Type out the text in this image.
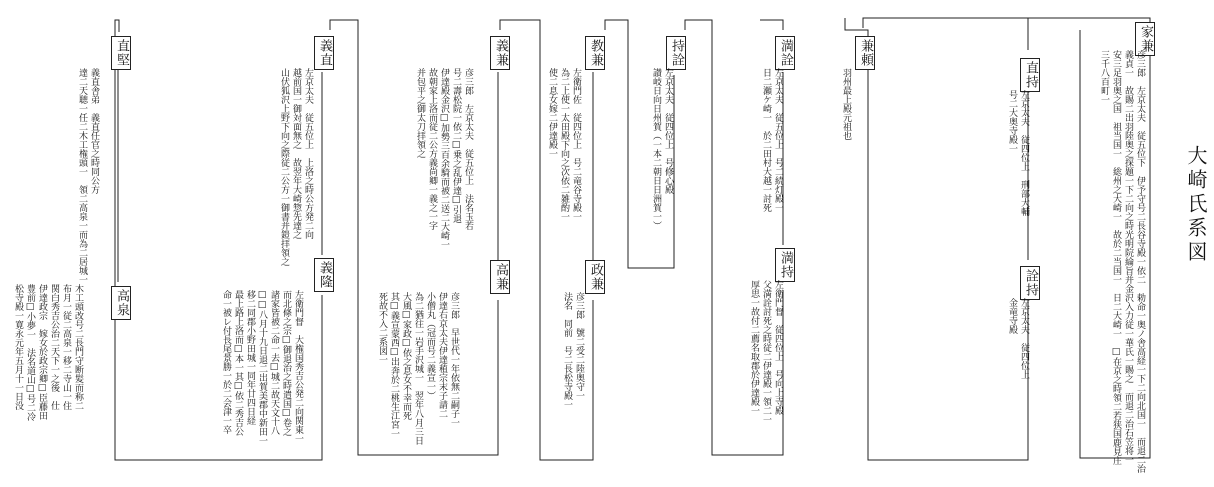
大崎氏系図
家兼
彦三郎　左京太夫　従五位下　伊予守号二長谷寺殿一依二　勅命一奥ノ舎高経一下二向北国一　而退二治
義貞一　故賜二出羽陸奥之探題一下二向之時光明院綸旨并金沢入力従一華氏一賜之　而退二治石笠将一
安三足羽奥之国　祖当国一　総州之大崎一　故於二当国一　日二大崎一　□在京之時領二若狭国鹿見庄
三千八百町一
直持
左京太夫　従四位上　刑部大輔
号二大奥寺殿一
詮持
左京太夫　従四位上
金竜寺殿
兼頼
羽州最上殿元祖也
満詮
左京太夫　従五位上　号二続灯殿一
日二瀬ケ崎一　於二田村大越一討死
満持
左衛門督　従四位上　号向上寺殿
父満詮討死之時従二伊達殿一領二一
厚思一故付二薦名取郡於伊達殿一
持詮
左京太夫　従四位上　号修心殿
讃岐日向日州賀（一本二朝日日洲賀一）
教兼
左衛門佐　従四位上　号二竜谷寺殿一
為二上使一太田殿下向之次依二雑酌一
使二息女嫁二伊達殿一
政兼
彦三郎　號二受二陸奥守一
法名　同前　号二長松寺殿一
義兼
彦三郎　左京太夫　従五位上　法名玉若
号二壽松院一依二□乗之乱伊達□引退
伊達殿金沢□加勢三百余騎而被二送二大崎一
故朝家上洛而従二公方義尚卿一義之一字
并包平之御太刀拝領之
高兼
彦三郎　早世代一年依無二嗣子一
伊達右京太夫伊達稙宗末子請二
小僧丸（冠而号二義宣一）
為二猶往一岩手沢城一　翌年八月三日
大風□家政□依之息女不幸而死
其□義宣蒙西□出奔於二桃生江宮一
死故不入二系図一
義直
左京太夫　従五位上　上洛之時公方発二向
越前国一御対面無之　故翌年大崎惣先達之
山伏狐沢上野下向之際従二公方一御書并鎧拝領之
義隆
左衛門督　大権国秀吉公発二向関東一
而北條之宗□御退治之時遣国□卷之
諸家皆被二命一去□城二故天文十八
□□八月十九日退二出賀美郡中新田一
移二同郡小野田城一同年廿四日経
最上路上洛而□本一其□依二秀吉公
命一被レ付長尾景勝一於二会津一卒
直堅
義直舎弟　義直任官之時同公方
達二天聴一任二木工権頭一　領二高泉一而為二居城一
高泉
木工頭改号二長門守断髪而称二
布月一従二高泉一移二寺山一住
関白秀吉公治二天下一之後　仕
伊達政宗　嫁女於政宗卿□臣藤田
豊前□小夢一　法名道山□号二冷
松寺殿一寛永元年五月十一日没
